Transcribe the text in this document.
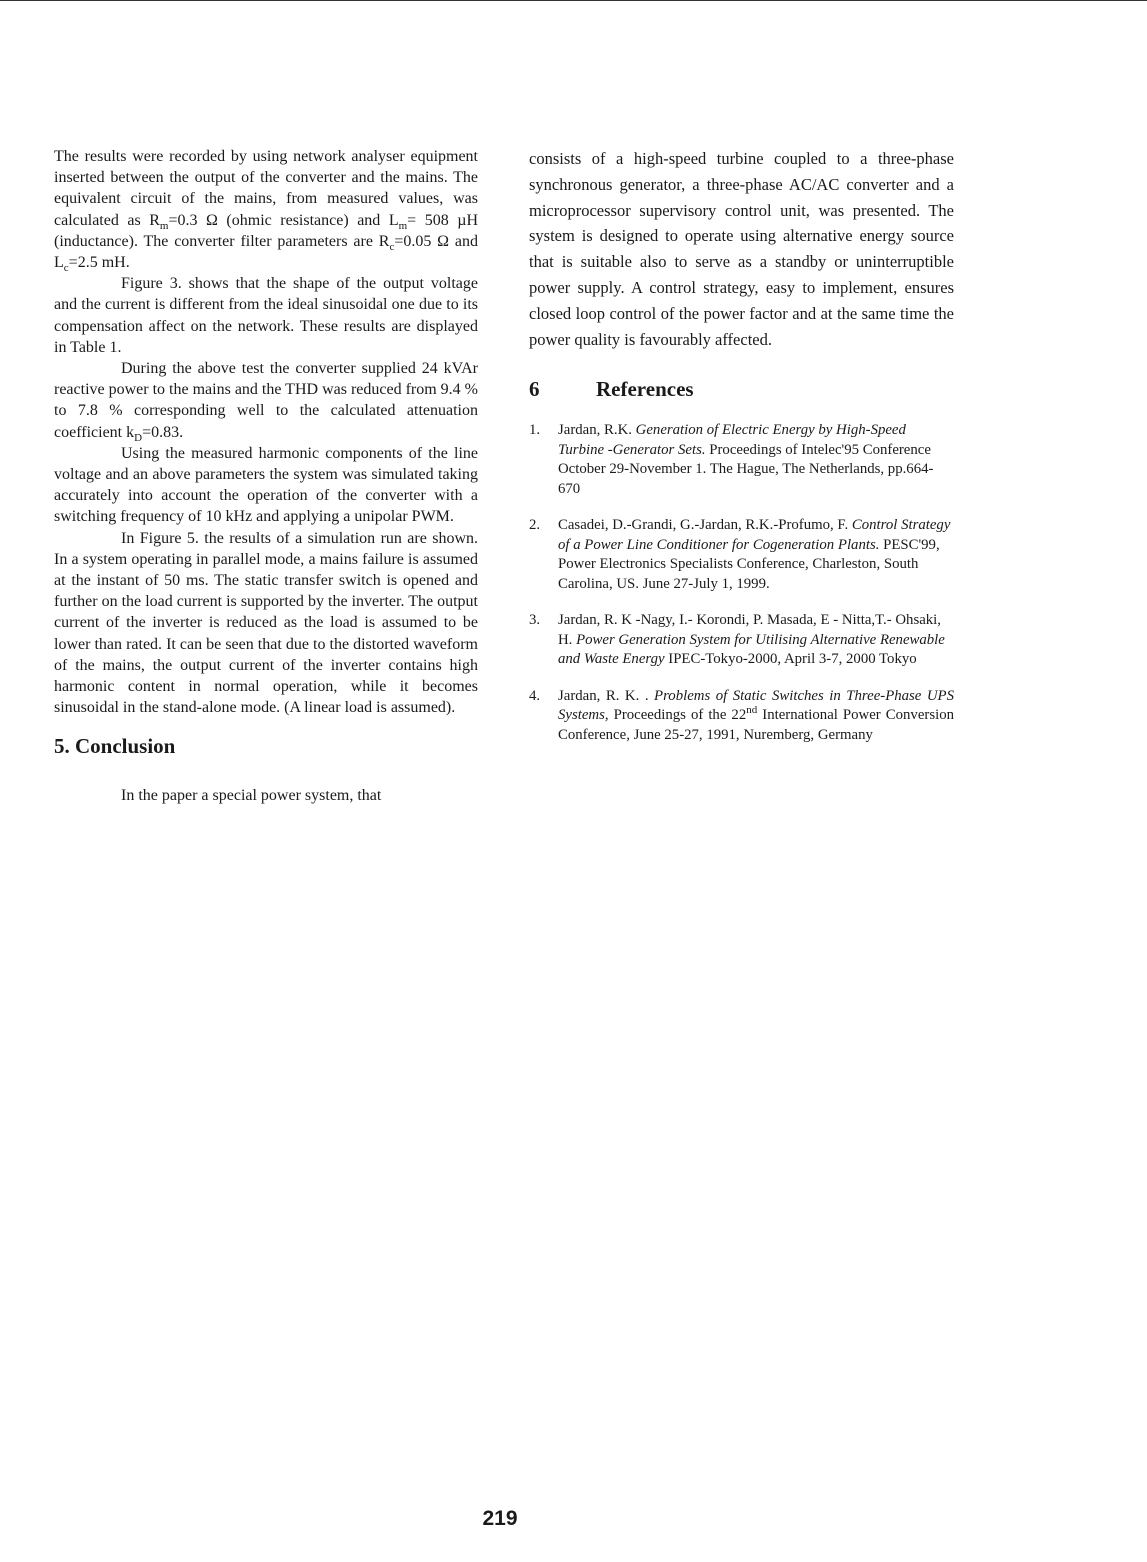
The results were recorded by using network analyser equipment inserted between the output of the converter and the mains. The equivalent circuit of the mains, from measured values, was calculated as $R_m=0.3$ Ω (ohmic resistance) and $L_m= 508$ µH (inductance). The converter filter parameters are $R_c=0.05$ Ω and $L_c=2.5$ mH.

Figure 3. shows that the shape of the output voltage and the current is different from the ideal sinusoidal one due to its compensation affect on the network. These results are displayed in Table 1.

During the above test the converter supplied 24 kVAr reactive power to the mains and the THD was reduced from 9.4 % to 7.8 % corresponding well to the calculated attenuation coefficient $k_D=0.83$.

Using the measured harmonic components of the line voltage and an above parameters the system was simulated taking accurately into account the operation of the converter with a switching frequency of 10 kHz and applying a unipolar PWM.

In Figure 5. the results of a simulation run are shown. In a system operating in parallel mode, a mains failure is assumed at the instant of 50 ms. The static transfer switch is opened and further on the load current is supported by the inverter. The output current of the inverter is reduced as the load is assumed to be lower than rated. It can be seen that due to the distorted waveform of the mains, the output current of the inverter contains high harmonic content in normal operation, while it becomes sinusoidal in the stand-alone mode. (A linear load is assumed).

5. Conclusion

In the paper a special power system, that

consists of a high-speed turbine coupled to a three-phase synchronous generator, a three-phase AC/AC converter and a microprocessor supervisory control unit, was presented. The system is designed to operate using alternative energy source that is suitable also to serve as a standby or uninterruptible power supply. A control strategy, easy to implement, ensures closed loop control of the power factor and at the same time the power quality is favourably affected.

6	References
1.	Jardan, R.K. Generation of Electric Energy by High-Speed Turbine -Generator Sets. Proceedings of Intelec'95 Conference October 29-November 1. The Hague, The Netherlands, pp.664-670
2.	Casadei, D.-Grandi, G.-Jardan, R.K.-Profumo, F. Control Strategy of a Power Line Conditioner for Cogeneration Plants. PESC'99, Power Electronics Specialists Conference, Charleston, South Carolina, US. June 27-July 1, 1999.
3.	Jardan, R. K -Nagy, I.- Korondi, P. Masada, E - Nitta,T.- Ohsaki, H. Power Generation System for Utilising Alternative Renewable and Waste Energy IPEC-Tokyo-2000, April 3-7, 2000 Tokyo
4.	Jardan, R. K. . Problems of Static Switches in Three-Phase UPS Systems, Proceedings of the 22nd International Power Conversion Conference, June 25-27, 1991, Nuremberg, Germany
219
